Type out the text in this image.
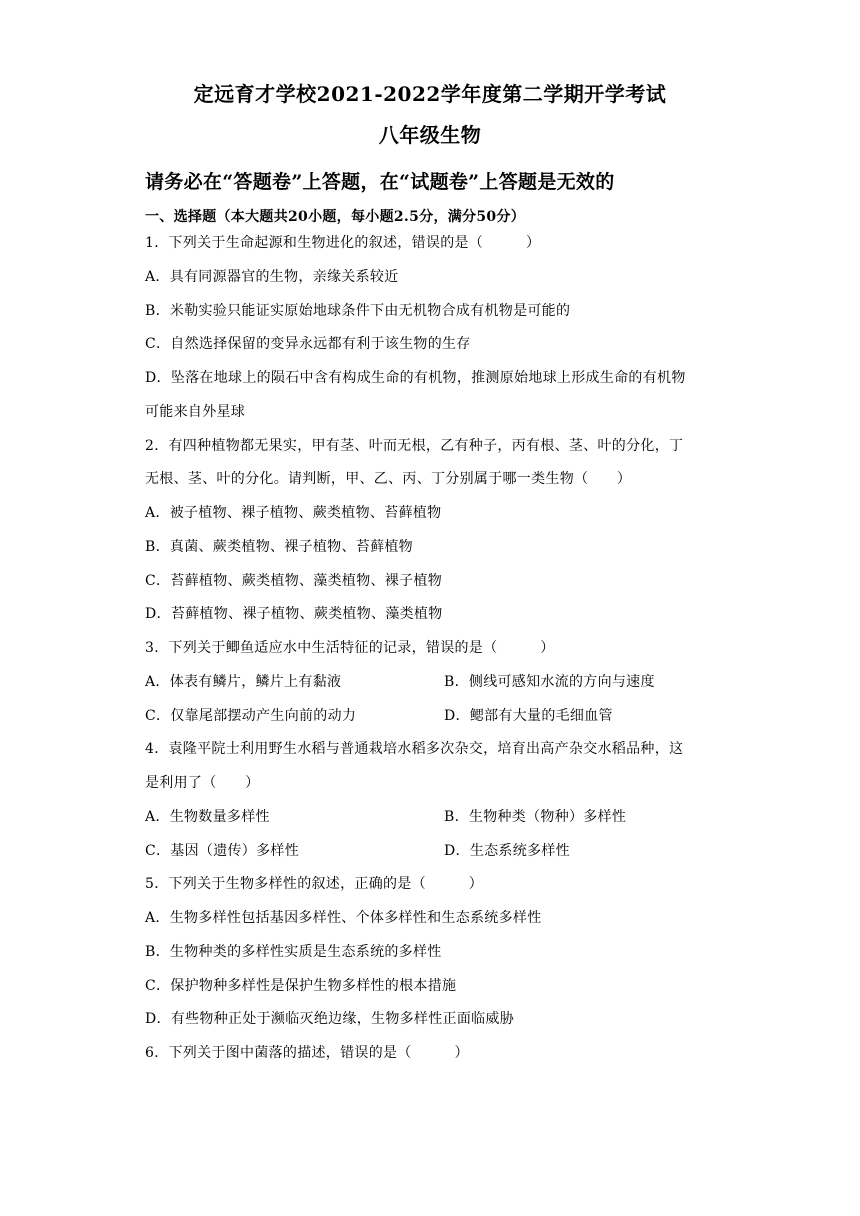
定远育才学校2021-2022学年度第二学期开学考试
八年级生物
请务必在“答题卷”上答题，在“试题卷”上答题是无效的
一、选择题（本大题共20小题，每小题2.5分，满分50分）
1．下列关于生命起源和生物进化的叙述，错误的是（　　　）
A．具有同源器官的生物，亲缘关系较近
B．米勒实验只能证实原始地球条件下由无机物合成有机物是可能的
C．自然选择保留的变异永远都有利于该生物的生存
D．坠落在地球上的陨石中含有构成生命的有机物，推测原始地球上形成生命的有机物
可能来自外星球
2．有四种植物都无果实，甲有茎、叶而无根，乙有种子，丙有根、茎、叶的分化，丁
无根、茎、叶的分化。请判断，甲、乙、丙、丁分别属于哪一类生物（　　）
A．被子植物、裸子植物、蕨类植物、苔藓植物
B．真菌、蕨类植物、裸子植物、苔藓植物
C．苔藓植物、蕨类植物、藻类植物、裸子植物
D．苔藓植物、裸子植物、蕨类植物、藻类植物
3．下列关于鲫鱼适应水中生活特征的记录，错误的是（　　　）
A．体表有鳞片，鳞片上有黏液	B．侧线可感知水流的方向与速度
C．仅靠尾部摆动产生向前的动力	D．鳃部有大量的毛细血管
4．袁隆平院士利用野生水稻与普通栽培水稻多次杂交，培育出高产杂交水稻品种，这
是利用了（　　）
A．生物数量多样性	B．生物种类（物种）多样性
C．基因（遗传）多样性	D．生态系统多样性
5．下列关于生物多样性的叙述，正确的是（　　　）
A．生物多样性包括基因多样性、个体多样性和生态系统多样性
B．生物种类的多样性实质是生态系统的多样性
C．保护物种多样性是保护生物多样性的根本措施
D．有些物种正处于濒临灭绝边缘，生物多样性正面临威胁
6．下列关于图中菌落的描述，错误的是（　　　）
